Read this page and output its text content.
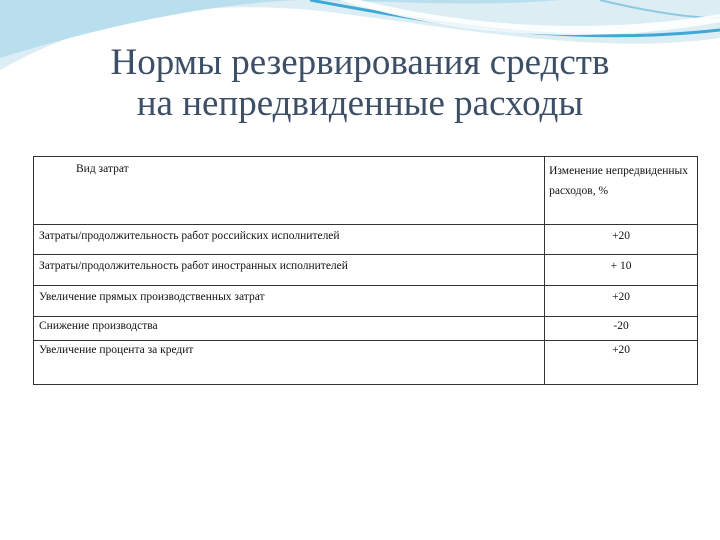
Нормы резервирования средств
на непредвиденные расходы
Вид затрат	Изменение непредвиденных расходов, %

Затраты/продолжительность работ российских исполнителей	+20

Затраты/продолжительность работ иностранных исполнителей	+ 10

Увеличение прямых производственных затрат	+20

Снижение производства	-20

Увеличение процента за кредит	+20
